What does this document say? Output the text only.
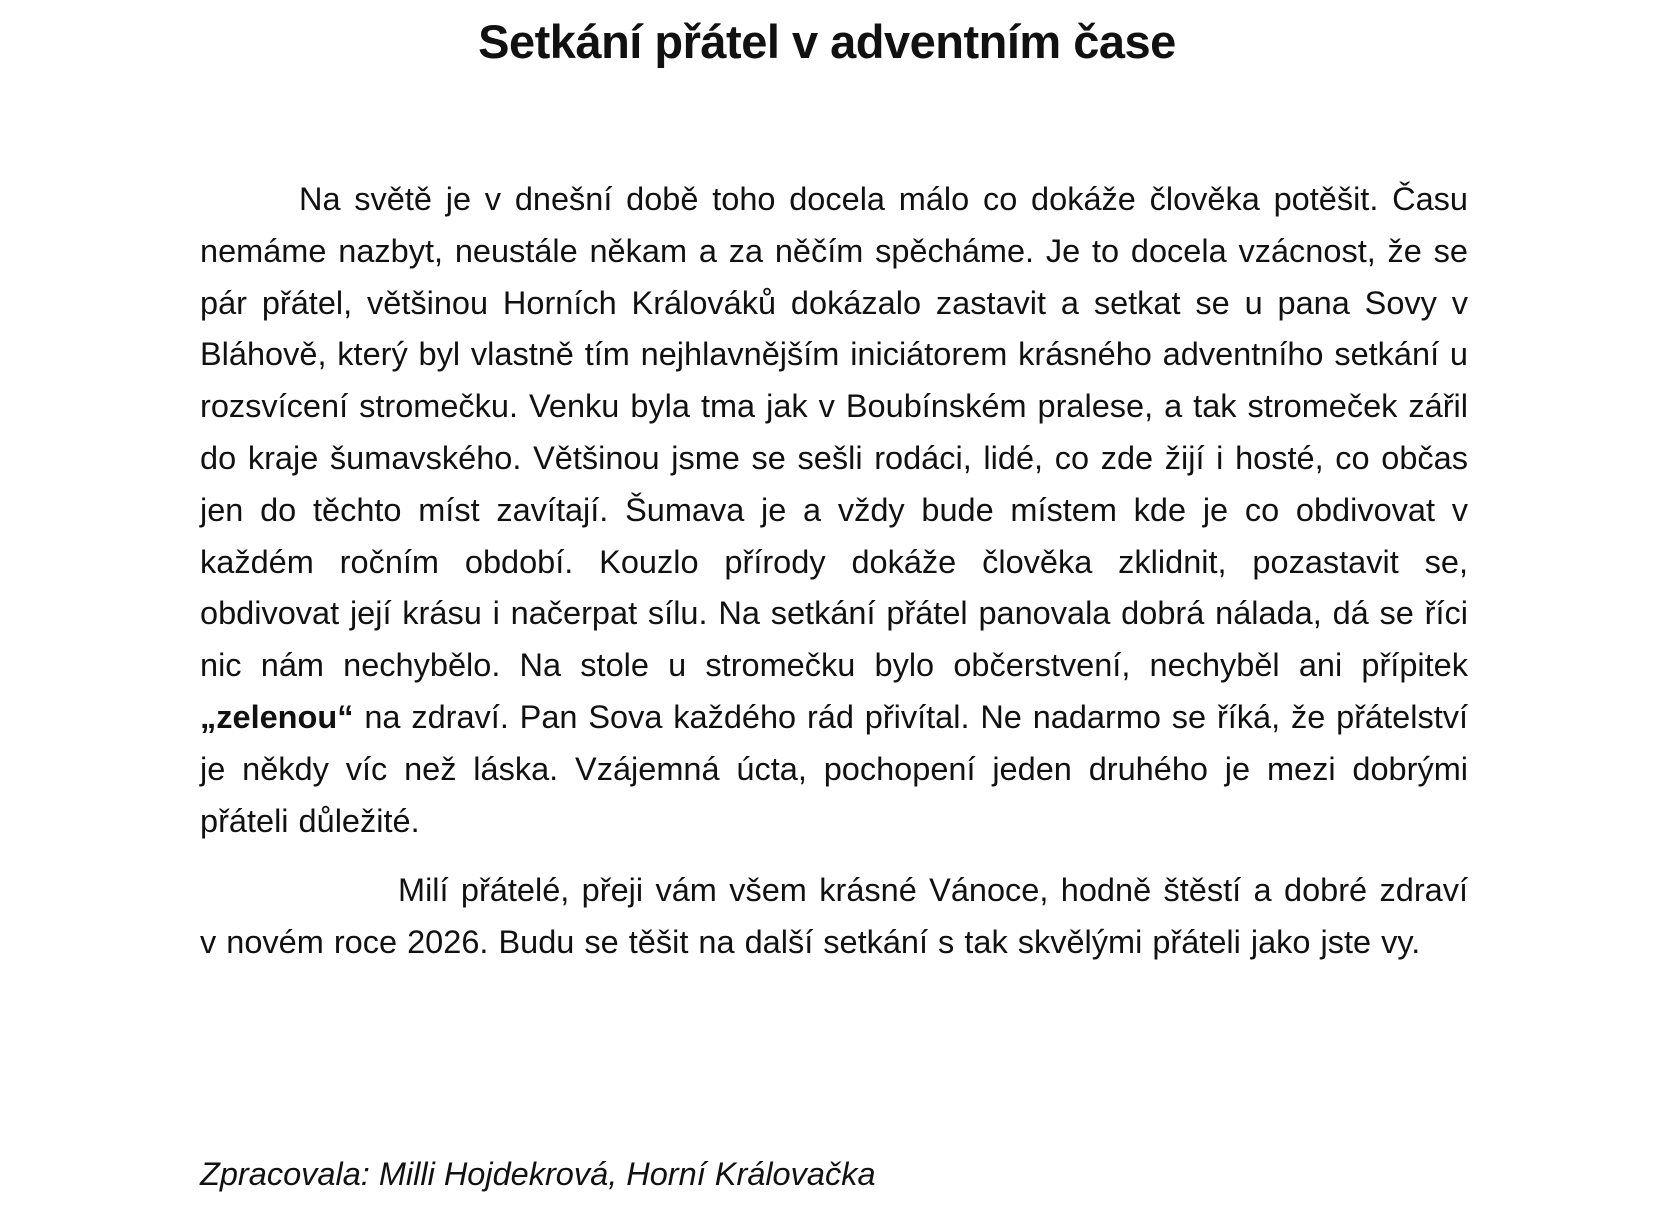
Setkání přátel v adventním čase

Na světě je v dnešní době toho docela málo co dokáže člověka potěšit. Času nemáme nazbyt, neustále někam a za něčím spěcháme. Je to docela vzácnost, že se pár přátel, většinou Horních Králováků dokázalo zastavit a setkat se u pana Sovy v Bláhově, který byl vlastně tím nejhlavnějším iniciátorem krásného adventního setkání u rozsvícení stromečku. Venku byla tma jak v Boubínském pralese, a tak stromeček zářil do kraje šumavského. Většinou jsme se sešli rodáci, lidé, co zde žijí i hosté, co občas jen do těchto míst zavítají. Šumava je a vždy bude místem kde je co obdivovat v každém ročním období. Kouzlo přírody dokáže člověka zklidnit, pozastavit se, obdivovat její krásu i načerpat sílu. Na setkání přátel panovala dobrá nálada, dá se říci nic nám nechybělo. Na stole u stromečku bylo občerstvení, nechyběl ani přípitek „zelenou“ na zdraví. Pan Sova každého rád přivítal. Ne nadarmo se říká, že přátelství je někdy víc než láska. Vzájemná úcta, pochopení jeden druhého je mezi dobrými přáteli důležité.

Milí přátelé, přeji vám všem krásné Vánoce, hodně štěstí a dobré zdraví v novém roce 2026. Budu se těšit na další setkání s tak skvělými přáteli jako jste vy.

Zpracovala: Milli Hojdekrová, Horní Královačka
